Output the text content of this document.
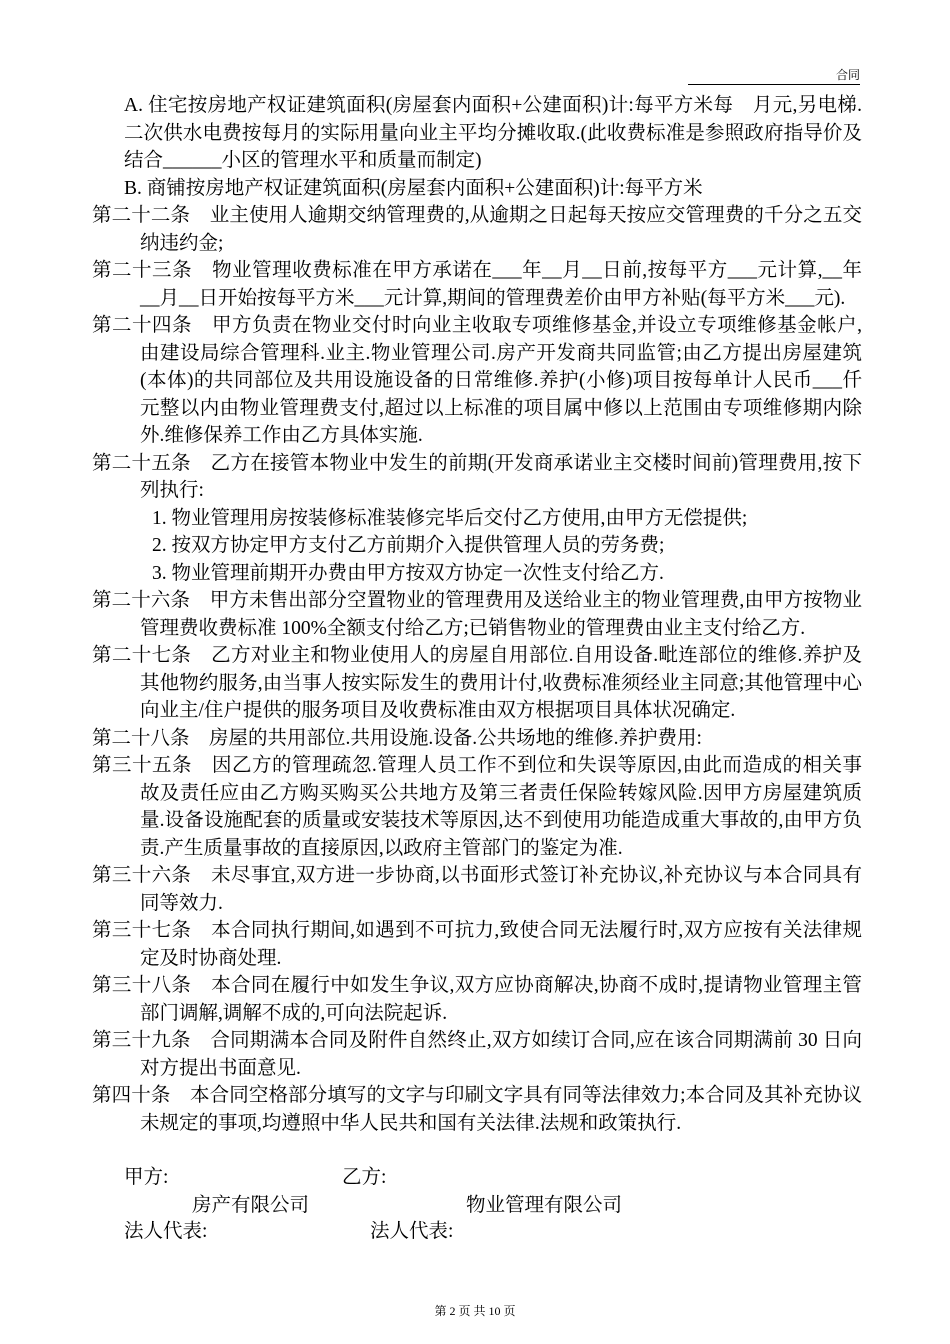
合同
A. 住宅按房地产权证建筑面积(房屋套内面积+公建面积)计:每平方米每　月元,另电梯.二次供水电费按每月的实际用量向业主平均分摊收取.(此收费标准是参照政府指导价及结合______小区的管理水平和质量而制定)
B. 商铺按房地产权证建筑面积(房屋套内面积+公建面积)计:每平方米
第二十二条　业主使用人逾期交纳管理费的,从逾期之日起每天按应交管理费的千分之五交纳违约金;
第二十三条　物业管理收费标准在甲方承诺在___年__月__日前,按每平方___元计算,__年__月__日开始按每平方米___元计算,期间的管理费差价由甲方补贴(每平方米___元).
第二十四条　甲方负责在物业交付时向业主收取专项维修基金,并设立专项维修基金帐户,由建设局综合管理科.业主.物业管理公司.房产开发商共同监管;由乙方提出房屋建筑(本体)的共同部位及共用设施设备的日常维修.养护(小修)项目按每单计人民币___仟元整以内由物业管理费支付,超过以上标准的项目属中修以上范围由专项维修期内除外.维修保养工作由乙方具体实施.
第二十五条　乙方在接管本物业中发生的前期(开发商承诺业主交楼时间前)管理费用,按下列执行:
1. 物业管理用房按装修标准装修完毕后交付乙方使用,由甲方无偿提供;
2. 按双方协定甲方支付乙方前期介入提供管理人员的劳务费;
3. 物业管理前期开办费由甲方按双方协定一次性支付给乙方.
第二十六条　甲方未售出部分空置物业的管理费用及送给业主的物业管理费,由甲方按物业管理费收费标准 100%全额支付给乙方;已销售物业的管理费由业主支付给乙方.
第二十七条　乙方对业主和物业使用人的房屋自用部位.自用设备.毗连部位的维修.养护及其他物约服务,由当事人按实际发生的费用计付,收费标准须经业主同意;其他管理中心向业主/住户提供的服务项目及收费标准由双方根据项目具体状况确定.
第二十八条　房屋的共用部位.共用设施.设备.公共场地的维修.养护费用:
第三十五条　因乙方的管理疏忽.管理人员工作不到位和失误等原因,由此而造成的相关事故及责任应由乙方购买购买公共地方及第三者责任保险转嫁风险.因甲方房屋建筑质量.设备设施配套的质量或安装技术等原因,达不到使用功能造成重大事故的,由甲方负责.产生质量事故的直接原因,以政府主管部门的鉴定为准.
第三十六条　未尽事宜,双方进一步协商,以书面形式签订补充协议,补充协议与本合同具有同等效力.
第三十七条　本合同执行期间,如遇到不可抗力,致使合同无法履行时,双方应按有关法律规定及时协商处理.
第三十八条　本合同在履行中如发生争议,双方应协商解决,协商不成时,提请物业管理主管部门调解,调解不成的,可向法院起诉.
第三十九条　合同期满本合同及附件自然终止,双方如续订合同,应在该合同期满前 30 日向对方提出书面意见.
第四十条　本合同空格部分填写的文字与印刷文字具有同等法律效力;本合同及其补充协议未规定的事项,均遵照中华人民共和国有关法律.法规和政策执行.
甲方:	乙方:
房产有限公司	物业管理有限公司
法人代表:	法人代表:
第 2 页 共 10 页
